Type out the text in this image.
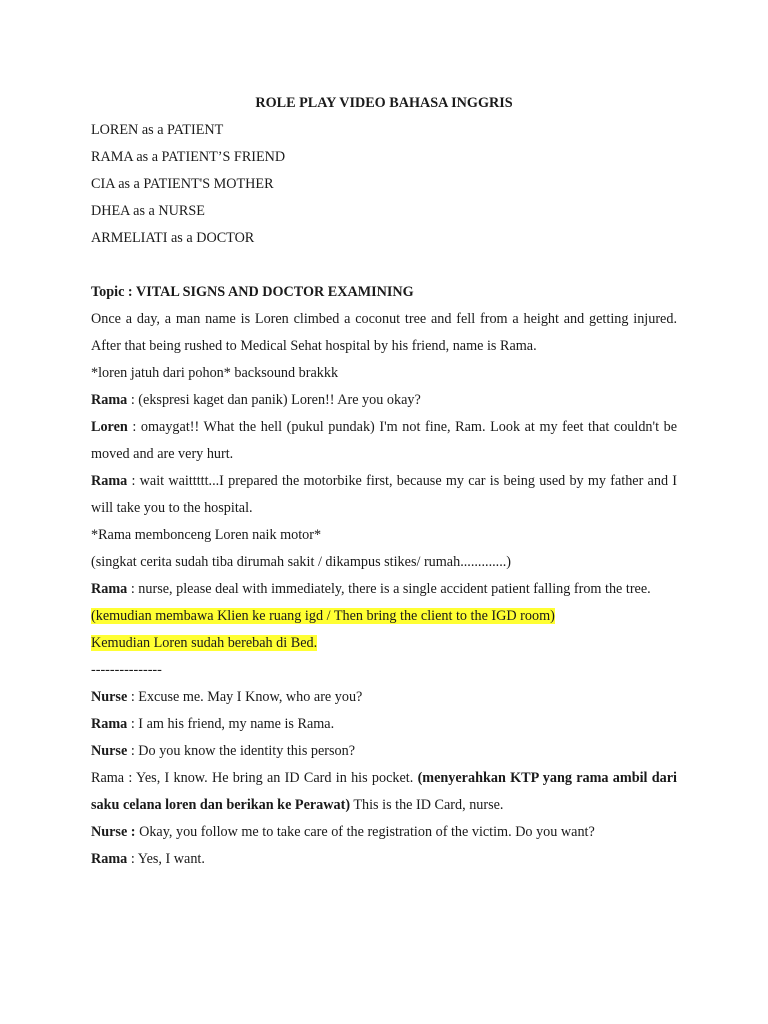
ROLE PLAY VIDEO BAHASA INGGRIS

LOREN as a PATIENT

RAMA as a PATIENT’S FRIEND

CIA as a PATIENT'S MOTHER

DHEA as a NURSE

ARMELIATI as a DOCTOR

Topic : VITAL SIGNS AND DOCTOR EXAMINING

Once a day, a man name is Loren climbed a coconut tree and fell from a height and getting injured. After that being rushed to Medical Sehat hospital by his friend, name is Rama.

*loren jatuh dari pohon* backsound brakkk

Rama : (ekspresi kaget dan panik) Loren!! Are you okay?

Loren : omaygat!! What the hell (pukul pundak) I'm not fine, Ram. Look at my feet that couldn't be moved and are very hurt.

Rama : wait waittttt...I prepared the motorbike first, because my car is being used by my father and I will take you to the hospital.

*Rama membonceng Loren naik motor*

(singkat cerita sudah tiba dirumah sakit / dikampus stikes/ rumah.............)

Rama : nurse, please deal with immediately, there is a single accident patient falling from the tree.

(kemudian membawa Klien ke ruang igd / Then bring the client to the IGD room)

Kemudian Loren sudah berebah di Bed.

---------------

Nurse : Excuse me. May I Know, who are you?

Rama : I am his friend, my name is Rama.

Nurse : Do you know the identity this person?

Rama : Yes, I know. He bring an ID Card in his pocket. (menyerahkan KTP yang rama ambil dari saku celana loren dan berikan ke Perawat) This is the ID Card, nurse.

Nurse : Okay, you follow me to take care of the registration of the victim. Do you want?

Rama : Yes, I want.
